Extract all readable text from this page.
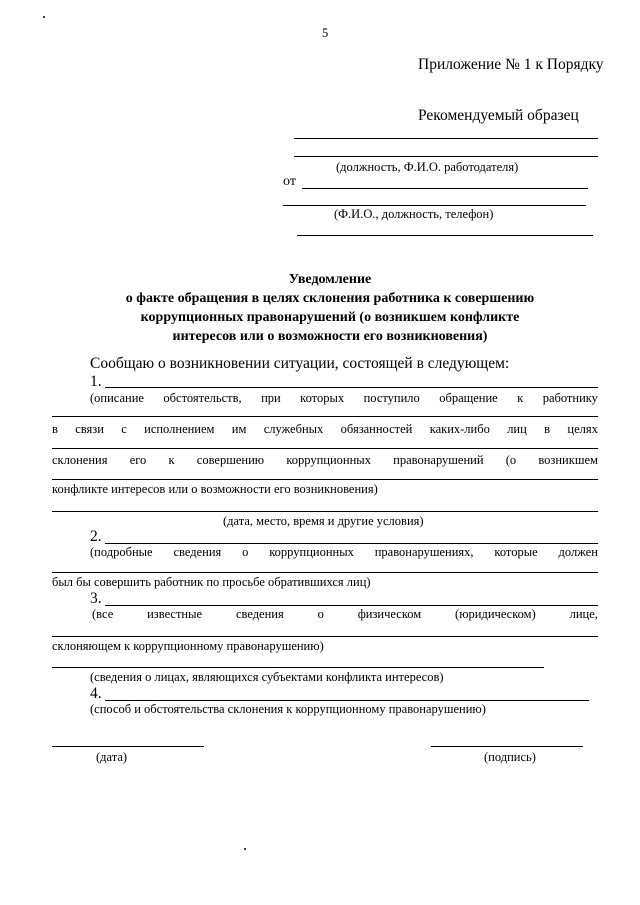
5
Приложение № 1 к Порядку
Рекомендуемый образец
(должность, Ф.И.О. работодателя)
от
(Ф.И.О., должность, телефон)
Уведомление
о факте обращения в целях склонения работника к совершению
коррупционных правонарушений (о возникшем конфликте
интересов или о возможности его возникновения)
Сообщаю о возникновении ситуации, состоящей в следующем:
1.
(описание обстоятельств, при которых поступило обращение к работнику
в связи с исполнением им служебных обязанностей каких-либо лиц в целях
склонения его к совершению коррупционных правонарушений (о возникшем
конфликте интересов или о возможности его возникновения)
(дата, место, время и другие условия)
2.
(подробные сведения о коррупционных правонарушениях, которые должен
был бы совершить работник по просьбе обратившихся лиц)
3.
(все	известные	сведения	о	физическом	(юридическом)	лице,
склоняющем к коррупционному правонарушению)
(сведения о лицах, являющихся субъектами конфликта интересов)
4.
(способ и обстоятельства склонения к коррупционному правонарушению)
(дата)	(подпись)
